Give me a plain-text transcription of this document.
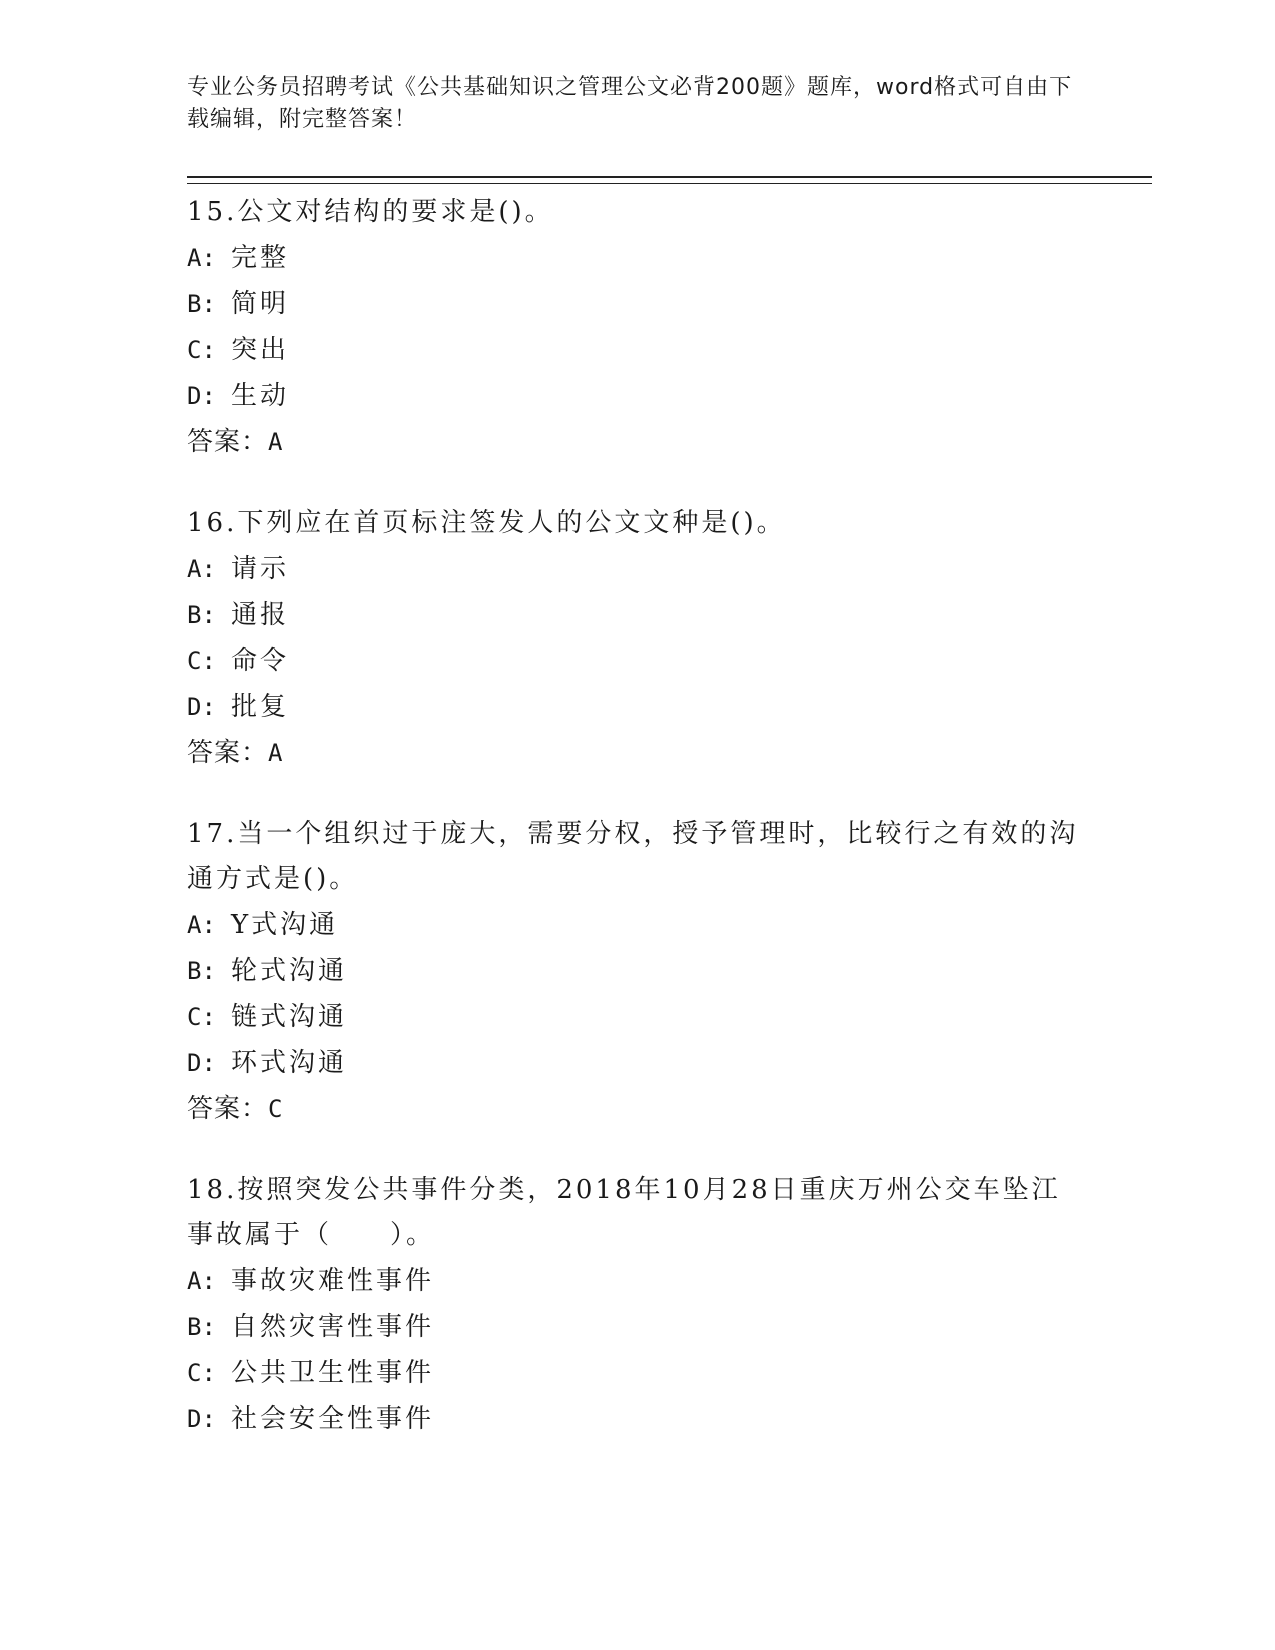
专业公务员招聘考试《公共基础知识之管理公文必背200题》题库，word格式可自由下载编辑，附完整答案！
15.公文对结构的要求是()。
A: 完整
B: 简明
C: 突出
D: 生动
答案：A
16.下列应在首页标注签发人的公文文种是()。
A: 请示
B: 通报
C: 命令
D: 批复
答案：A
17.当一个组织过于庞大，需要分权，授予管理时，比较行之有效的沟通方式是()。
A: Y式沟通
B: 轮式沟通
C: 链式沟通
D: 环式沟通
答案：C
18.按照突发公共事件分类，2018年10月28日重庆万州公交车坠江事故属于（　　）。
A: 事故灾难性事件
B: 自然灾害性事件
C: 公共卫生性事件
D: 社会安全性事件
